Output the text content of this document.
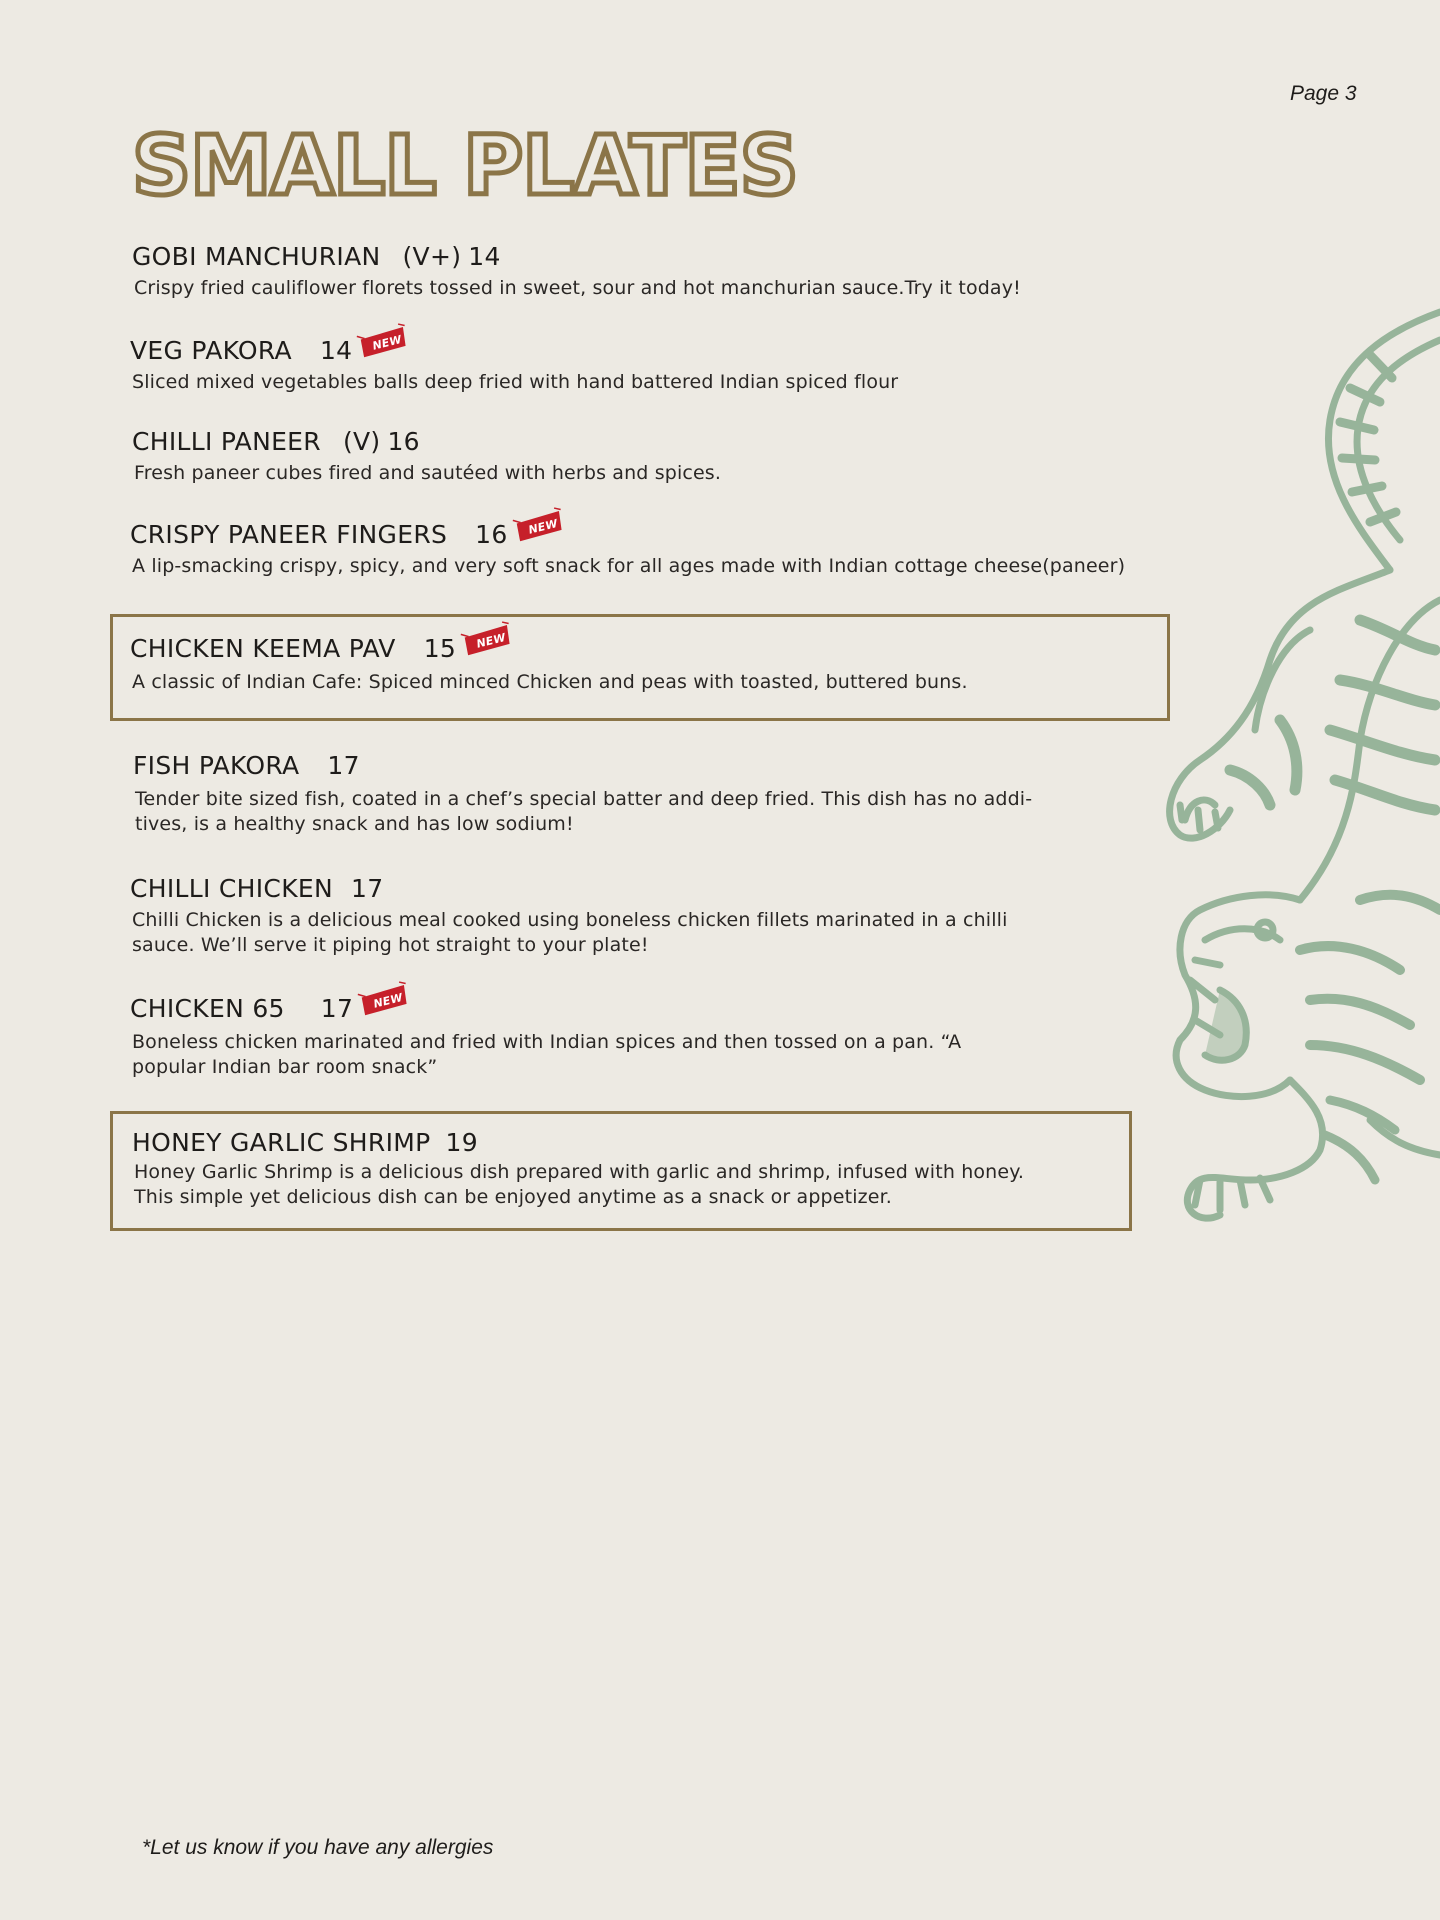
Page 3
SMALL PLATES
GOBI MANCHURIAN (V+) 14
Crispy fried cauliflower florets tossed in sweet, sour and hot manchurian sauce.Try it today!
VEG PAKORA 14 NEW
Sliced mixed vegetables balls deep fried with hand battered Indian spiced flour
CHILLI PANEER (V) 16
Fresh paneer cubes fired and sautéed with herbs and spices.
CRISPY PANEER FINGERS 16 NEW
A lip-smacking crispy, spicy, and very soft snack for all ages made with Indian cottage cheese(paneer)
CHICKEN KEEMA PAV 15 NEW
A classic of Indian Cafe: Spiced minced Chicken and peas with toasted, buttered buns.
FISH PAKORA 17
Tender bite sized fish, coated in a chef’s special batter and deep fried. This dish has no addi-
tives, is a healthy snack and has low sodium!
CHILLI CHICKEN 17
Chilli Chicken is a delicious meal cooked using boneless chicken fillets marinated in a chilli
sauce. We’ll serve it piping hot straight to your plate!
CHICKEN 65 17 NEW
Boneless chicken marinated and fried with Indian spices and then tossed on a pan. “A
popular Indian bar room snack”
HONEY GARLIC SHRIMP 19
Honey Garlic Shrimp is a delicious dish prepared with garlic and shrimp, infused with honey.
This simple yet delicious dish can be enjoyed anytime as a snack or appetizer.
*Let us know if you have any allergies
